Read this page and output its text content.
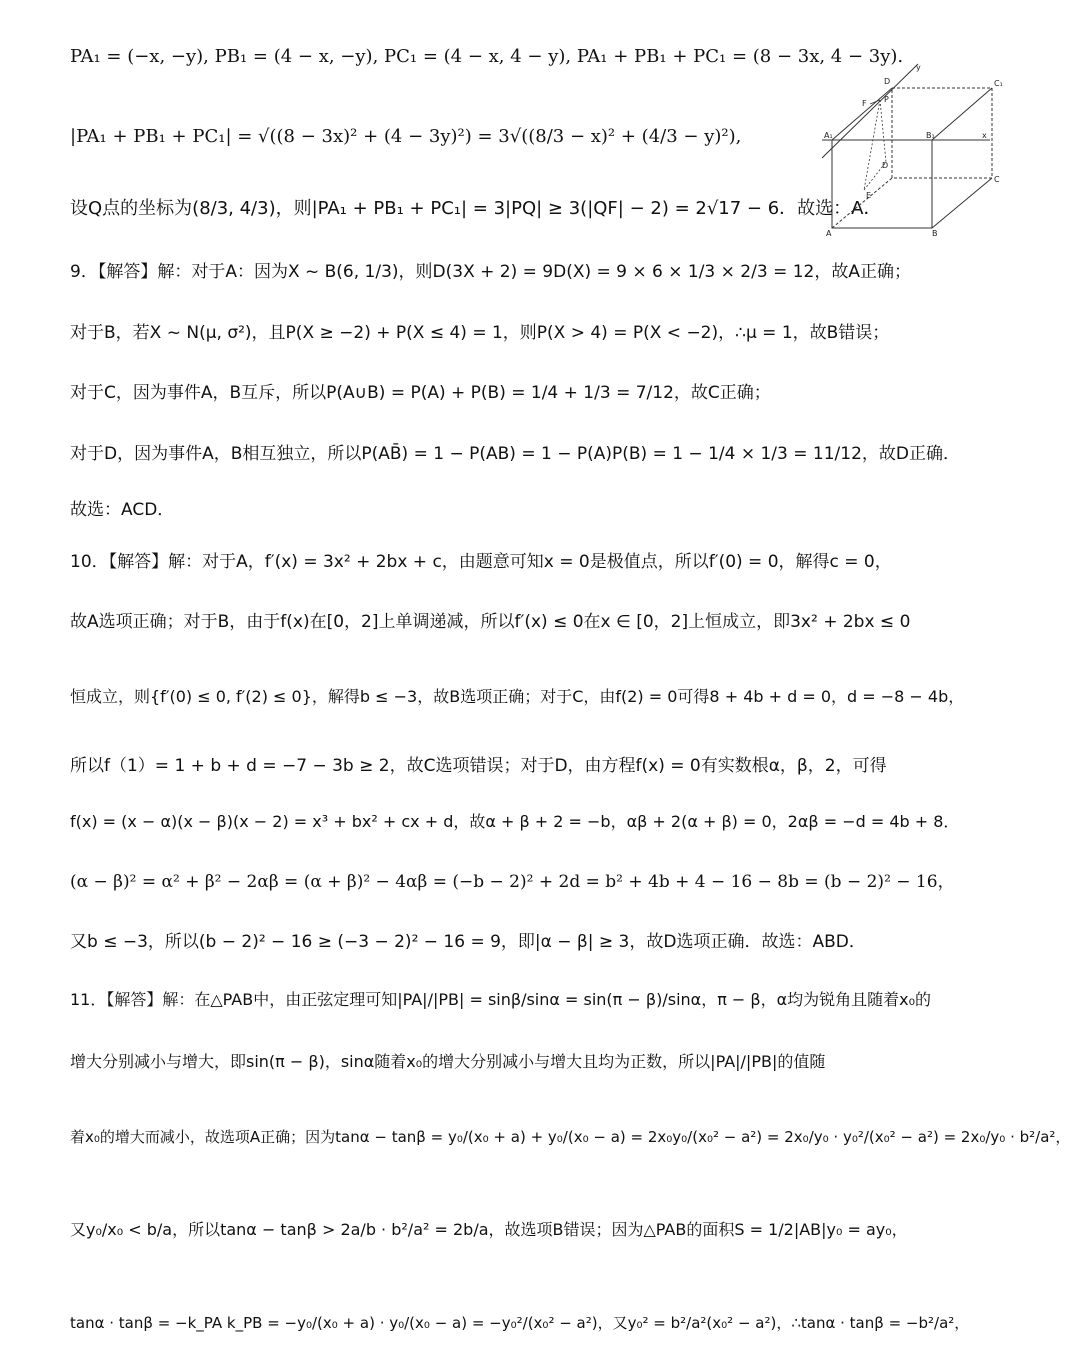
PA₁ = (−x, −y), PB₁ = (4 − x, −y), PC₁ = (4 − x, 4 − y), PA₁ + PB₁ + PC₁ = (8 − 3x, 4 − 3y).
|PA₁ + PB₁ + PC₁| = √((8 − 3x)² + (4 − 3y)²) = 3√((8/3 − x)² + (4/3 − y)²),
设Q点的坐标为(8/3, 4/3)，则|PA₁ + PB₁ + PC₁| = 3|PQ| ≥ 3(|QF| − 2) = 2√17 − 6．故选：A．
9．【解答】解：对于A：因为X ~ B(6, 1/3)，则D(3X + 2) = 9D(X) = 9 × 6 × 1/3 × 2/3 = 12，故A正确；
对于B，若X ~ N(μ, σ²)，且P(X ≥ −2) + P(X ≤ 4) = 1，则P(X > 4) = P(X < −2)，∴μ = 1，故B错误；
对于C，因为事件A，B互斥，所以P(A∪B) = P(A) + P(B) = 1/4 + 1/3 = 7/12，故C正确；
对于D，因为事件A，B相互独立，所以P(AB̄) = 1 − P(AB) = 1 − P(A)P(B) = 1 − 1/4 × 1/3 = 11/12，故D正确．
故选：ACD．
10．【解答】解：对于A，f′(x) = 3x² + 2bx + c，由题意可知x = 0是极值点，所以f′(0) = 0，解得c = 0，
故A选项正确；对于B，由于f(x)在[0，2]上单调递减，所以f′(x) ≤ 0在x ∈ [0，2]上恒成立，即3x² + 2bx ≤ 0
恒成立，则{f′(0) ≤ 0, f′(2) ≤ 0}，解得b ≤ −3，故B选项正确；对于C，由f(2) = 0可得8 + 4b + d = 0，d = −8 − 4b，
所以f（1）= 1 + b + d = −7 − 3b ≥ 2，故C选项错误；对于D，由方程f(x) = 0有实数根α，β，2，可得
f(x) = (x − α)(x − β)(x − 2) = x³ + bx² + cx + d，故α + β + 2 = −b，αβ + 2(α + β) = 0，2αβ = −d = 4b + 8．
(α − β)² = α² + β² − 2αβ = (α + β)² − 4αβ = (−b − 2)² + 2d = b² + 4b + 4 − 16 − 8b = (b − 2)² − 16，
又b ≤ −3，所以(b − 2)² − 16 ≥ (−3 − 2)² − 16 = 9，即|α − β| ≥ 3，故D选项正确．故选：ABD．
11．【解答】解：在△PAB中，由正弦定理可知|PA|/|PB| = sinβ/sinα = sin(π − β)/sinα，π − β，α均为锐角且随着x₀的
增大分别减小与增大，即sin(π − β)，sinα随着x₀的增大分别减小与增大且均为正数，所以|PA|/|PB|的值随
着x₀的增大而减小，故选项A正确；因为tanα − tanβ = y₀/(x₀ + a) + y₀/(x₀ − a) = 2x₀y₀/(x₀² − a²) = 2x₀/y₀ · y₀²/(x₀² − a²) = 2x₀/y₀ · b²/a²，
又y₀/x₀ < b/a，所以tanα − tanβ > 2a/b · b²/a² = 2b/a，故选项B错误；因为△PAB的面积S = 1/2|AB|y₀ = ay₀，
tanα · tanβ = −k_PA k_PB = −y₀/(x₀ + a) · y₀/(x₀ − a) = −y₀²/(x₀² − a²)，又y₀² = b²/a²(x₀² − a²)，∴tanα · tanβ = −b²/a²，
D	C₁
y
F P
A₁	B₁	x
D
C
E
A	B
